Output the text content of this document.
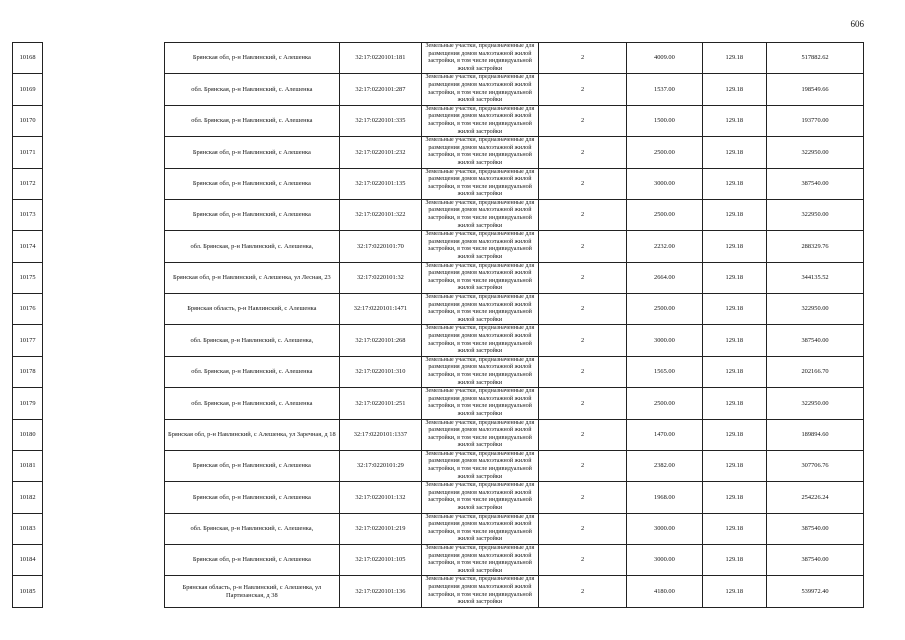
606
10168		Брянская обл, р-н Навлинский, с Алешенка	32:17:0220101:181	Земельные участки, предназначенные для размещения домов малоэтажной жилой застройки, в том числе индивидуальной жилой застройки	2	4009.00	129.18	517882.62
10169		обл. Брянская, р-н Навлинский, с. Алешенка	32:17:0220101:287	Земельные участки, предназначенные для размещения домов малоэтажной жилой застройки, в том числе индивидуальной жилой застройки	2	1537.00	129.18	198549.66
10170		обл. Брянская, р-н Навлинский, с. Алешенка	32:17:0220101:335	Земельные участки, предназначенные для размещения домов малоэтажной жилой застройки, в том числе индивидуальной жилой застройки	2	1500.00	129.18	193770.00
10171		Брянская обл, р-н Навлинский, с Алешенка	32:17:0220101:232	Земельные участки, предназначенные для размещения домов малоэтажной жилой застройки, в том числе индивидуальной жилой застройки	2	2500.00	129.18	322950.00
10172		Брянская обл, р-н Навлинский, с Алешенка	32:17:0220101:135	Земельные участки, предназначенные для размещения домов малоэтажной жилой застройки, в том числе индивидуальной жилой застройки	2	3000.00	129.18	387540.00
10173		Брянская обл, р-н Навлинский, с Алешенка	32:17:0220101:322	Земельные участки, предназначенные для размещения домов малоэтажной жилой застройки, в том числе индивидуальной жилой застройки	2	2500.00	129.18	322950.00
10174		обл. Брянская, р-н Навлинский, с. Алешенка,	32:17:0220101:70	Земельные участки, предназначенные для размещения домов малоэтажной жилой застройки, в том числе индивидуальной жилой застройки	2	2232.00	129.18	288329.76
10175		Брянская обл, р-н Навлинский, с Алешенка, ул Лесная, 23	32:17:0220101:32	Земельные участки, предназначенные для размещения домов малоэтажной жилой застройки, в том числе индивидуальной жилой застройки	2	2664.00	129.18	344135.52
10176		Брянская область, р-н Навлинский, с Алешенка	32:17:0220101:1471	Земельные участки, предназначенные для размещения домов малоэтажной жилой застройки, в том числе индивидуальной жилой застройки	2	2500.00	129.18	322950.00
10177		обл. Брянская, р-н Навлинский, с. Алешенка,	32:17:0220101:268	Земельные участки, предназначенные для размещения домов малоэтажной жилой застройки, в том числе индивидуальной жилой застройки	2	3000.00	129.18	387540.00
10178		обл. Брянская, р-н Навлинский, с. Алешенка	32:17:0220101:310	Земельные участки, предназначенные для размещения домов малоэтажной жилой застройки, в том числе индивидуальной жилой застройки	2	1565.00	129.18	202166.70
10179		обл. Брянская, р-н Навлинский, с. Алешенка	32:17:0220101:251	Земельные участки, предназначенные для размещения домов малоэтажной жилой застройки, в том числе индивидуальной жилой застройки	2	2500.00	129.18	322950.00
10180		Брянская обл, р-н Навлинский, с Алешенка, ул Заречная, д 18	32:17:0220101:1337	Земельные участки, предназначенные для размещения домов малоэтажной жилой застройки, в том числе индивидуальной жилой застройки	2	1470.00	129.18	189894.60
10181		Брянская обл, р-н Навлинский, с Алешенка	32:17:0220101:29	Земельные участки, предназначенные для размещения домов малоэтажной жилой застройки, в том числе индивидуальной жилой застройки	2	2382.00	129.18	307706.76
10182		Брянская обл, р-н Навлинский, с Алешенка	32:17:0220101:132	Земельные участки, предназначенные для размещения домов малоэтажной жилой застройки, в том числе индивидуальной жилой застройки	2	1968.00	129.18	254226.24
10183		обл. Брянская, р-н Навлинский, с. Алешенка,	32:17:0220101:219	Земельные участки, предназначенные для размещения домов малоэтажной жилой застройки, в том числе индивидуальной жилой застройки	2	3000.00	129.18	387540.00
10184		Брянская обл, р-н Навлинский, с Алешенка	32:17:0220101:105	Земельные участки, предназначенные для размещения домов малоэтажной жилой застройки, в том числе индивидуальной жилой застройки	2	3000.00	129.18	387540.00
10185		Брянская область, р-н Навлинский, с Алешенка, ул Партизанская, д 38	32:17:0220101:136	Земельные участки, предназначенные для размещения домов малоэтажной жилой застройки, в том числе индивидуальной жилой застройки	2	4180.00	129.18	539972.40
